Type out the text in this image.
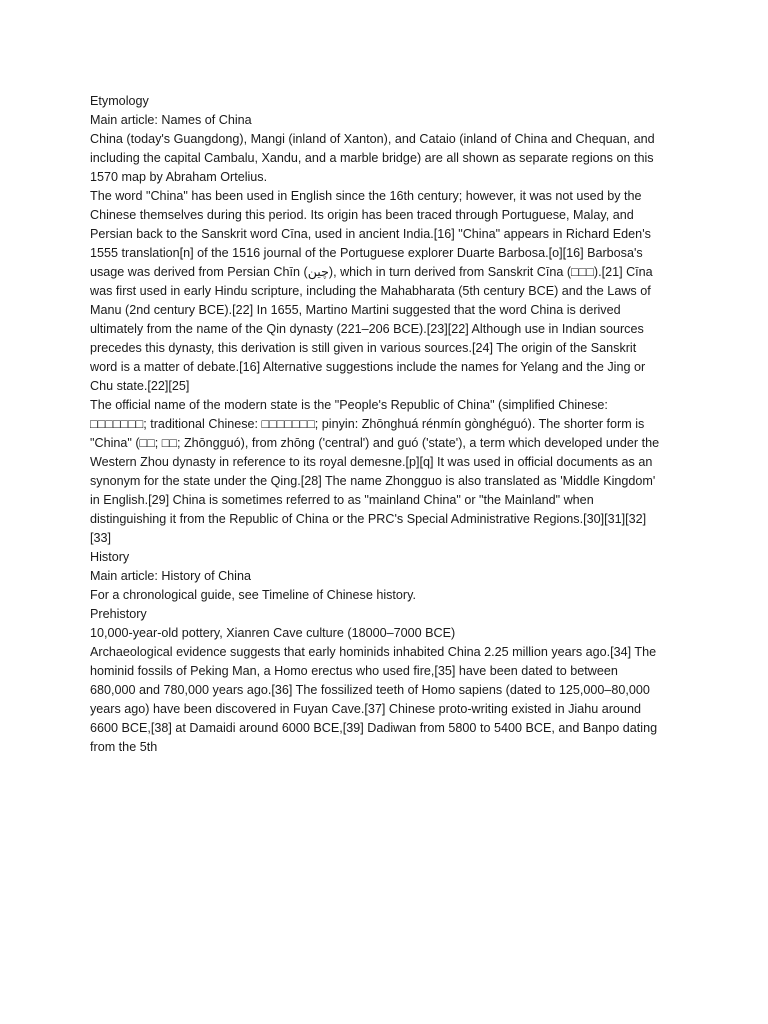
Etymology

Main article: Names of China

China (today's Guangdong), Mangi (inland of Xanton), and Cataio (inland of China and Chequan, and including the capital Cambalu, Xandu, and a marble bridge) are all shown as separate regions on this 1570 map by Abraham Ortelius.

The word "China" has been used in English since the 16th century; however, it was not used by the Chinese themselves during this period. Its origin has been traced through Portuguese, Malay, and Persian back to the Sanskrit word Cīna, used in ancient India.[16] "China" appears in Richard Eden's 1555 translation[n] of the 1516 journal of the Portuguese explorer Duarte Barbosa.[o][16] Barbosa's usage was derived from Persian Chīn (چین), which in turn derived from Sanskrit Cīna (□□□).[21] Cīna was first used in early Hindu scripture, including the Mahabharata (5th century BCE) and the Laws of Manu (2nd century BCE).[22] In 1655, Martino Martini suggested that the word China is derived ultimately from the name of the Qin dynasty (221–206 BCE).[23][22] Although use in Indian sources precedes this dynasty, this derivation is still given in various sources.[24] The origin of the Sanskrit word is a matter of debate.[16] Alternative suggestions include the names for Yelang and the Jing or Chu state.[22][25]

The official name of the modern state is the "People's Republic of China" (simplified Chinese: □□□□□□□; traditional Chinese: □□□□□□□; pinyin: Zhōnghuá rénmín gònghéguó). The shorter form is "China" (□□; □□; Zhōngguó), from zhōng ('central') and guó ('state'), a term which developed under the Western Zhou dynasty in reference to its royal demesne.[p][q] It was used in official documents as an synonym for the state under the Qing.[28] The name Zhongguo is also translated as 'Middle Kingdom' in English.[29] China is sometimes referred to as "mainland China" or "the Mainland" when distinguishing it from the Republic of China or the PRC's Special Administrative Regions.[30][31][32][33]

History

Main article: History of China

For a chronological guide, see Timeline of Chinese history.

Prehistory

10,000-year-old pottery, Xianren Cave culture (18000–7000 BCE)

Archaeological evidence suggests that early hominids inhabited China 2.25 million years ago.[34] The hominid fossils of Peking Man, a Homo erectus who used fire,[35] have been dated to between 680,000 and 780,000 years ago.[36] The fossilized teeth of Homo sapiens (dated to 125,000–80,000 years ago) have been discovered in Fuyan Cave.[37] Chinese proto-writing existed in Jiahu around 6600 BCE,[38] at Damaidi around 6000 BCE,[39] Dadiwan from 5800 to 5400 BCE, and Banpo dating from the 5th
